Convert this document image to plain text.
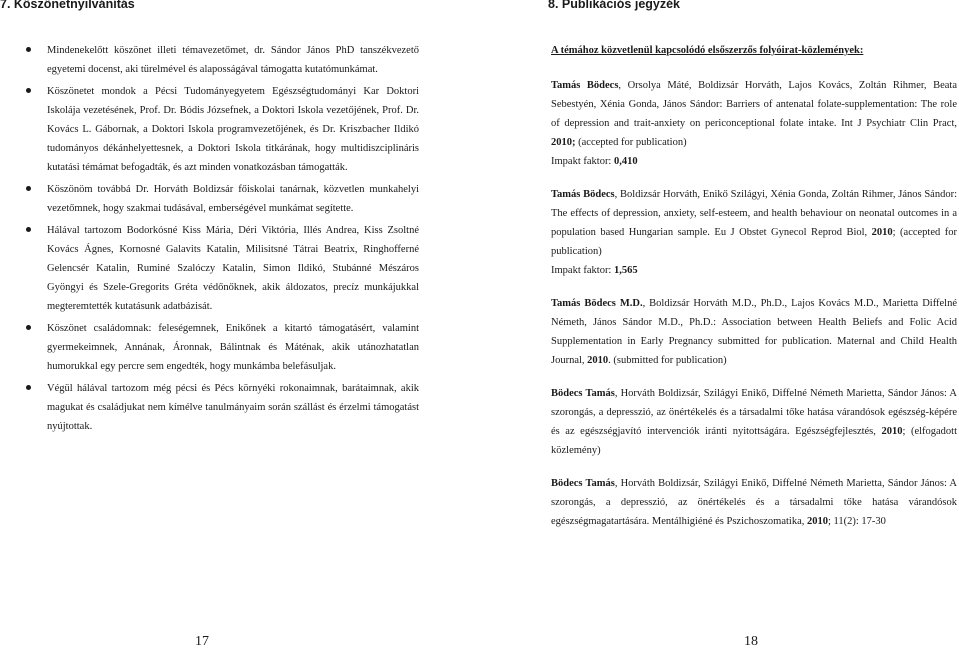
7. Köszönetnyilvánítás
Mindenekelőtt köszönet illeti témavezetőmet, dr. Sándor János PhD tanszékvezető egyetemi docenst, aki türelmével és alaposságával támogatta kutatómunkámat.
Köszönetet mondok a Pécsi Tudományegyetem Egészségtudományi Kar Doktori Iskolája vezetésének, Prof. Dr. Bódis Józsefnek, a Doktori Iskola vezetőjének, Prof. Dr. Kovács L. Gábornak, a Doktori Iskola programvezetőjének, és Dr. Kriszbacher Ildikó tudományos dékánhelyettesnek, a Doktori Iskola titkárának, hogy multidiszciplináris kutatási témámat befogadták, és azt minden vonatkozásban támogatták.
Köszönöm továbbá Dr. Horváth Boldizsár főiskolai tanárnak, közvetlen munkahelyi vezetőmnek, hogy szakmai tudásával, emberségével munkámat segítette.
Hálával tartozom Bodorkósné Kiss Mária, Déri Viktória, Illés Andrea, Kiss Zsoltné Kovács Ágnes, Kornosné Galavits Katalin, Milisitsné Tátrai Beatrix, Ringhofferné Gelencsér Katalin, Ruminé Szalóczy Katalin, Simon Ildikó, Stubánné Mészáros Gyöngyi és Szele-Gregorits Gréta védőnőknek, akik áldozatos, precíz munkájukkal megteremtették kutatásunk adatbázisát.
Köszönet családomnak: feleségemnek, Enikőnek a kitartó támogatásért, valamint gyermekeimnek, Annának, Áronnak, Bálintnak és Máténak, akik utánozhatatlan humorukkal egy percre sem engedték, hogy munkámba belefásuljak.
Végül hálával tartozom még pécsi és Pécs környéki rokonaimnak, barátaimnak, akik magukat és családjukat nem kímélve tanulmányaim során szállást és érzelmi támogatást nyújtottak.
17
8. Publikációs jegyzék

A témához közvetlenül kapcsolódó elsőszerzős folyóirat-közlemények:

Tamás Bödecs, Orsolya Máté, Boldizsár Horváth, Lajos Kovács, Zoltán Rihmer, Beata Sebestyén, Xénia Gonda, János Sándor: Barriers of antenatal folate-supplementation: The role of depression and trait-anxiety on periconceptional folate intake. Int J Psychiatr Clin Pract, 2010; (accepted for publication)

Impakt faktor: 0,410

Tamás Bödecs, Boldizsár Horváth, Enikő Szilágyi, Xénia Gonda, Zoltán Rihmer, János Sándor: The effects of depression, anxiety, self-esteem, and health behaviour on neonatal outcomes in a population based Hungarian sample. Eu J Obstet Gynecol Reprod Biol, 2010; (accepted for publication)

Impakt faktor: 1,565

Tamás Bödecs M.D., Boldizsár Horváth M.D., Ph.D., Lajos Kovács M.D., Marietta Diffelné Németh, János Sándor M.D., Ph.D.: Association between Health Beliefs and Folic Acid Supplementation in Early Pregnancy submitted for publication. Maternal and Child Health Journal, 2010. (submitted for publication)

Bödecs Tamás, Horváth Boldizsár, Szilágyi Enikő, Diffelné Németh Marietta, Sándor János: A szorongás, a depresszió, az önértékelés és a társadalmi tőke hatása várandósok egészség-képére és az egészségjavító intervenciók iránti nyitottságára. Egészségfejlesztés, 2010; (elfogadott közlemény)

Bödecs Tamás, Horváth Boldizsár, Szilágyi Enikő, Diffelné Németh Marietta, Sándor János: A szorongás, a depresszió, az önértékelés és a társadalmi tőke hatása várandósok egészségmagatartására. Mentálhigiéné és Pszichoszomatika, 2010; 11(2): 17-30

18
